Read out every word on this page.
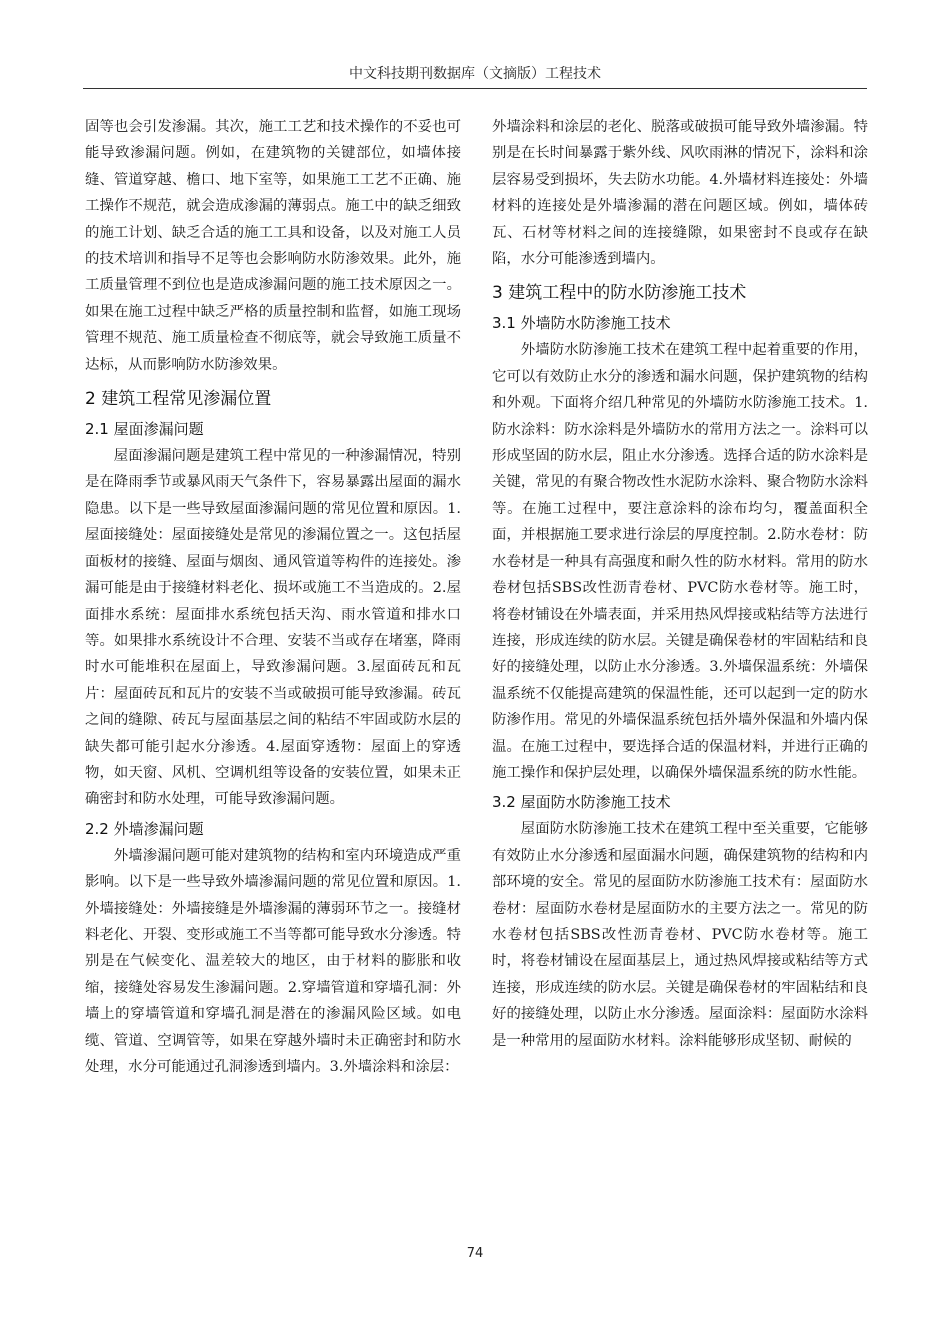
中文科技期刊数据库（文摘版）工程技术

固等也会引发渗漏。其次，施工工艺和技术操作的不妥也可能导致渗漏问题。例如，在建筑物的关键部位，如墙体接缝、管道穿越、檐口、地下室等，如果施工工艺不正确、施工操作不规范，就会造成渗漏的薄弱点。施工中的缺乏细致的施工计划、缺乏合适的施工工具和设备，以及对施工人员的技术培训和指导不足等也会影响防水防渗效果。此外，施工质量管理不到位也是造成渗漏问题的施工技术原因之一。如果在施工过程中缺乏严格的质量控制和监督，如施工现场管理不规范、施工质量检查不彻底等，就会导致施工质量不达标，从而影响防水防渗效果。

2 建筑工程常见渗漏位置
2.1 屋面渗漏问题

屋面渗漏问题是建筑工程中常见的一种渗漏情况，特别是在降雨季节或暴风雨天气条件下，容易暴露出屋面的漏水隐患。以下是一些导致屋面渗漏问题的常见位置和原因。1.屋面接缝处：屋面接缝处是常见的渗漏位置之一。这包括屋面板材的接缝、屋面与烟囱、通风管道等构件的连接处。渗漏可能是由于接缝材料老化、损坏或施工不当造成的。2.屋面排水系统：屋面排水系统包括天沟、雨水管道和排水口等。如果排水系统设计不合理、安装不当或存在堵塞，降雨时水可能堆积在屋面上，导致渗漏问题。3.屋面砖瓦和瓦片：屋面砖瓦和瓦片的安装不当或破损可能导致渗漏。砖瓦之间的缝隙、砖瓦与屋面基层之间的粘结不牢固或防水层的缺失都可能引起水分渗透。4.屋面穿透物：屋面上的穿透物，如天窗、风机、空调机组等设备的安装位置，如果未正确密封和防水处理，可能导致渗漏问题。

2.2 外墙渗漏问题

外墙渗漏问题可能对建筑物的结构和室内环境造成严重影响。以下是一些导致外墙渗漏问题的常见位置和原因。1.外墙接缝处：外墙接缝是外墙渗漏的薄弱环节之一。接缝材料老化、开裂、变形或施工不当等都可能导致水分渗透。特别是在气候变化、温差较大的地区，由于材料的膨胀和收缩，接缝处容易发生渗漏问题。2.穿墙管道和穿墙孔洞：外墙上的穿墙管道和穿墙孔洞是潜在的渗漏风险区域。如电缆、管道、空调管等，如果在穿越外墙时未正确密封和防水处理，水分可能通过孔洞渗透到墙内。3.外墙涂料和涂层：

外墙涂料和涂层的老化、脱落或破损可能导致外墙渗漏。特别是在长时间暴露于紫外线、风吹雨淋的情况下，涂料和涂层容易受到损坏，失去防水功能。4.外墙材料连接处：外墙材料的连接处是外墙渗漏的潜在问题区域。例如，墙体砖瓦、石材等材料之间的连接缝隙，如果密封不良或存在缺陷，水分可能渗透到墙内。

3 建筑工程中的防水防渗施工技术
3.1 外墙防水防渗施工技术

外墙防水防渗施工技术在建筑工程中起着重要的作用，它可以有效防止水分的渗透和漏水问题，保护建筑物的结构和外观。下面将介绍几种常见的外墙防水防渗施工技术。1.防水涂料：防水涂料是外墙防水的常用方法之一。涂料可以形成坚固的防水层，阻止水分渗透。选择合适的防水涂料是关键，常见的有聚合物改性水泥防水涂料、聚合物防水涂料等。在施工过程中，要注意涂料的涂布均匀，覆盖面积全面，并根据施工要求进行涂层的厚度控制。2.防水卷材：防水卷材是一种具有高强度和耐久性的防水材料。常用的防水卷材包括SBS改性沥青卷材、PVC防水卷材等。施工时，将卷材铺设在外墙表面，并采用热风焊接或粘结等方法进行连接，形成连续的防水层。关键是确保卷材的牢固粘结和良好的接缝处理，以防止水分渗透。3.外墙保温系统：外墙保温系统不仅能提高建筑的保温性能，还可以起到一定的防水防渗作用。常见的外墙保温系统包括外墙外保温和外墙内保温。在施工过程中，要选择合适的保温材料，并进行正确的施工操作和保护层处理，以确保外墙保温系统的防水性能。

3.2 屋面防水防渗施工技术

屋面防水防渗施工技术在建筑工程中至关重要，它能够有效防止水分渗透和屋面漏水问题，确保建筑物的结构和内部环境的安全。常见的屋面防水防渗施工技术有：屋面防水卷材：屋面防水卷材是屋面防水的主要方法之一。常见的防水卷材包括SBS改性沥青卷材、PVC防水卷材等。施工时，将卷材铺设在屋面基层上，通过热风焊接或粘结等方式连接，形成连续的防水层。关键是确保卷材的牢固粘结和良好的接缝处理，以防止水分渗透。屋面涂料：屋面防水涂料是一种常用的屋面防水材料。涂料能够形成坚韧、耐候的

74
